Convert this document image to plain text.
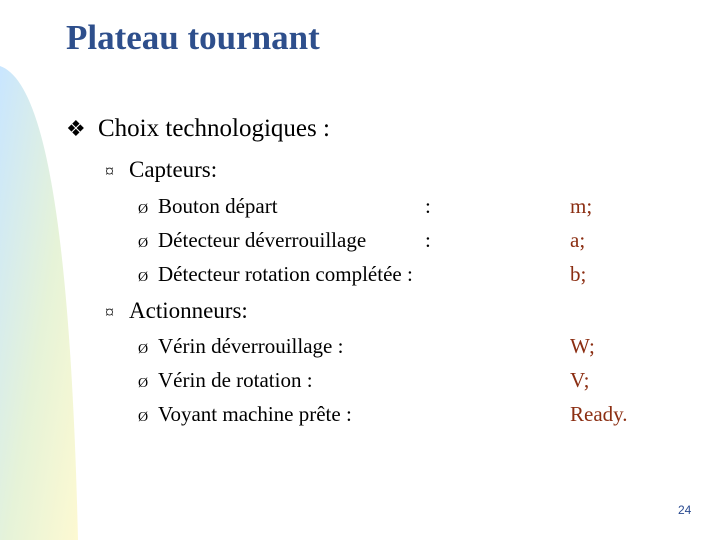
Plateau tournant
❖ Choix technologiques :
¤ Capteurs:
Ø Bouton départ	:	m;
Ø Détecteur déverrouillage	:	a;
Ø Détecteur rotation complétée :	b;
¤ Actionneurs:
Ø Vérin déverrouillage :	W;
Ø Vérin de rotation :	V;
Ø Voyant machine prête :	Ready.
24
